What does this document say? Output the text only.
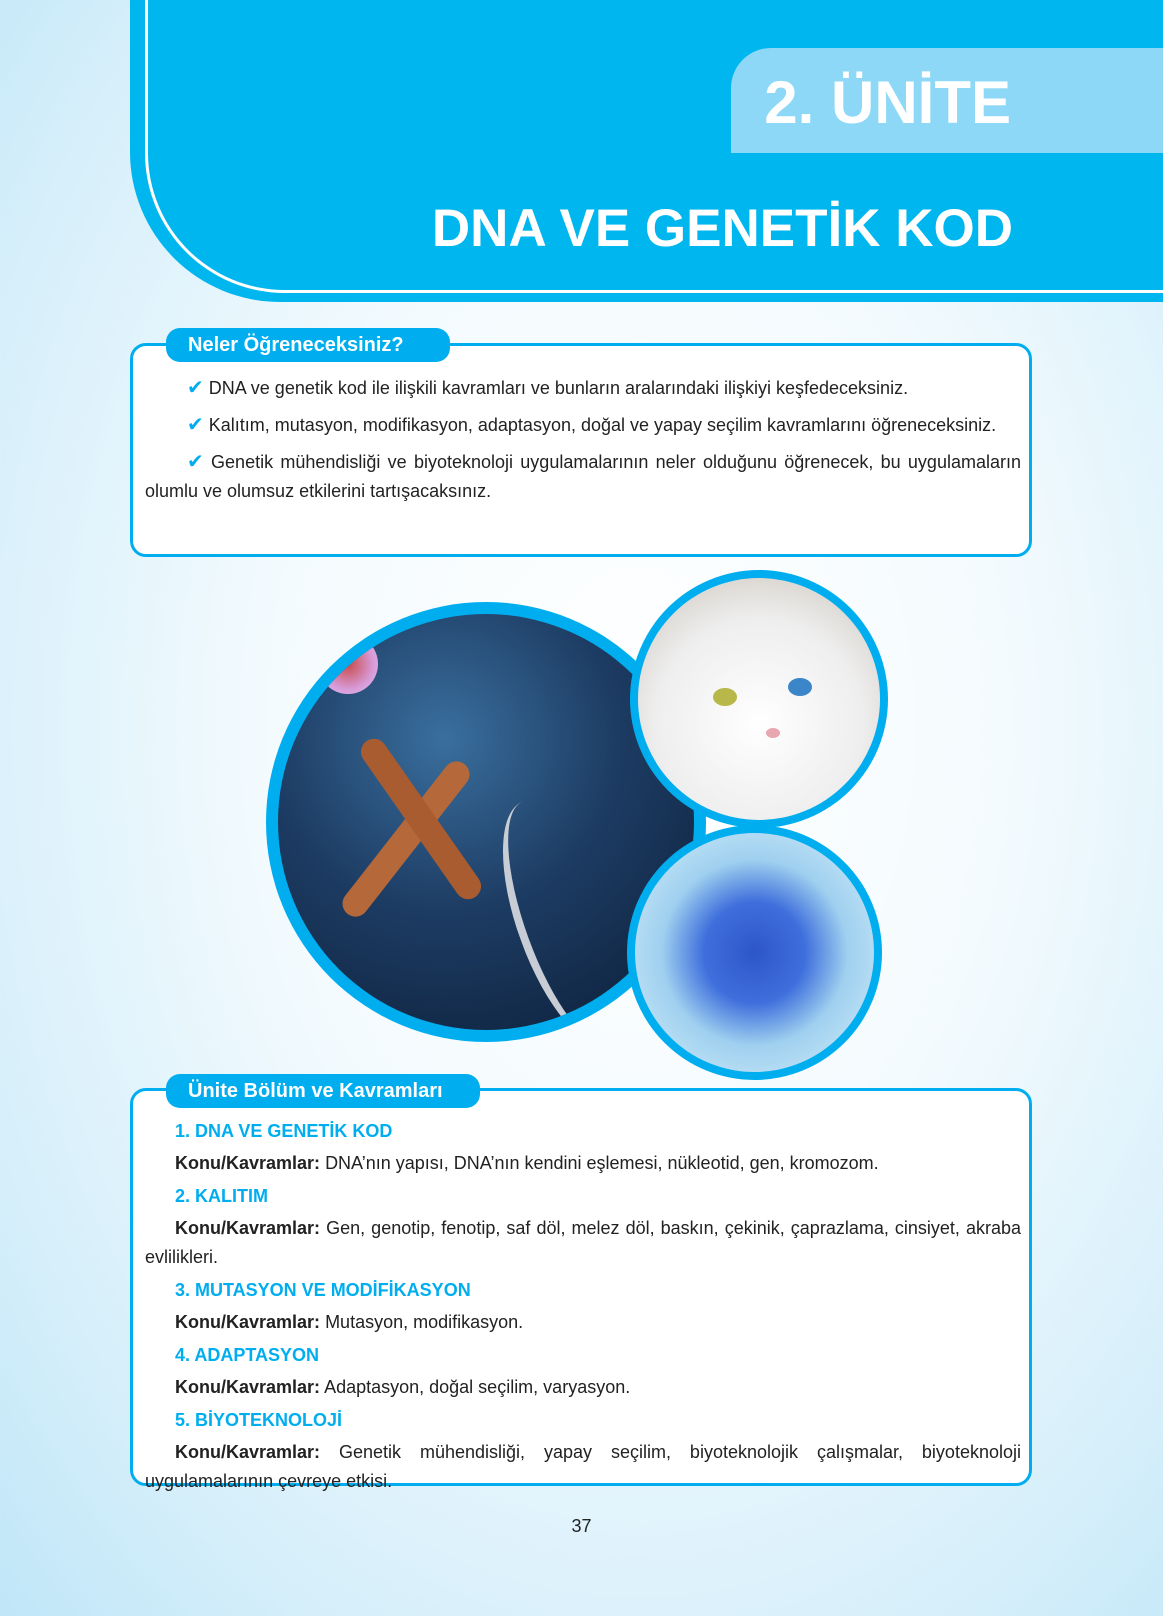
2. ÜNİTE
DNA VE GENETİK KOD

✔ DNA ve genetik kod ile ilişkili kavramları ve bunların aralarındaki ilişkiyi keşfedeceksiniz.

✔ Kalıtım, mutasyon, modifikasyon, adaptasyon, doğal ve yapay seçilim kavramlarını öğreneceksiniz.

✔ Genetik mühendisliği ve biyoteknoloji uygulamalarının neler olduğunu öğrenecek, bu uygulamaların olumlu ve olumsuz etkilerini tartışacaksınız.

Neler Öğreneceksiniz?
1. DNA VE GENETİK KOD

Konu/Kavramlar: DNA’nın yapısı, DNA’nın kendini eşlemesi, nükleotid, gen, kromozom.

2. KALITIM

Konu/Kavramlar: Gen, genotip, fenotip, saf döl, melez döl, baskın, çekinik, çaprazlama, cinsiyet, akraba evlilikleri.

3. MUTASYON VE MODİFİKASYON

Konu/Kavramlar: Mutasyon, modifikasyon.

4. ADAPTASYON

Konu/Kavramlar: Adaptasyon, doğal seçilim, varyasyon.

5. BİYOTEKNOLOJİ

Konu/Kavramlar: Genetik mühendisliği, yapay seçilim, biyoteknolojik çalışmalar, biyoteknoloji uygulamalarının çevreye etkisi.

Ünite Bölüm ve Kavramları
37
